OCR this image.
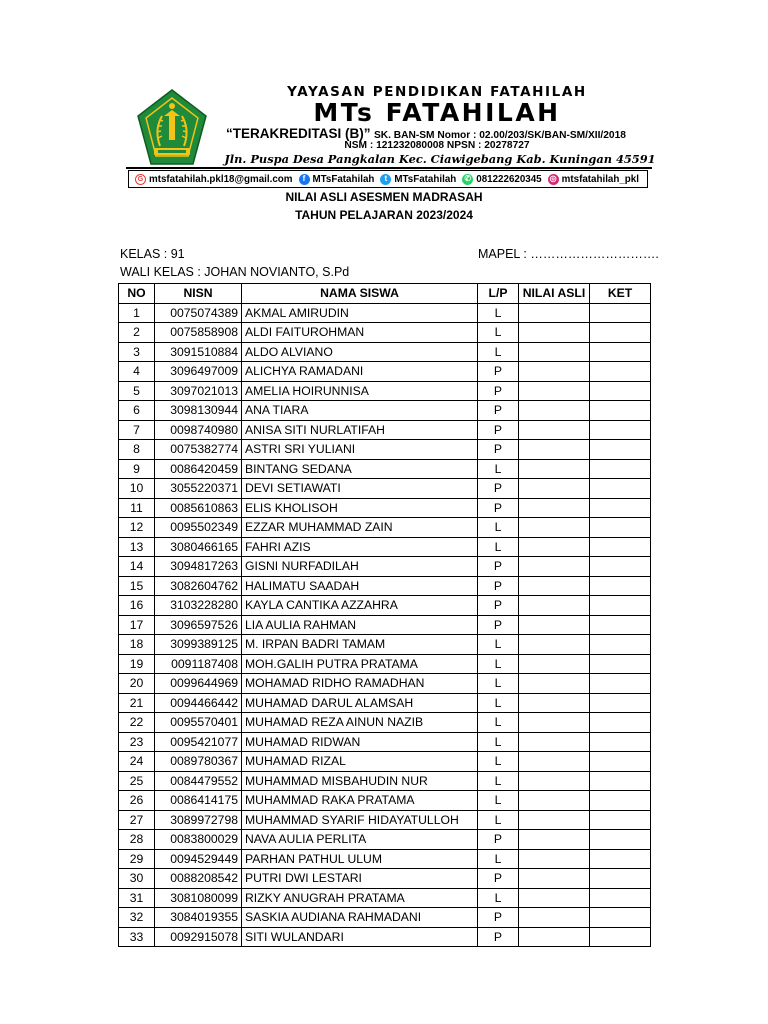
YAYASAN PENDIDIKAN FATAHILAH
MTs FATAHILAH
“TERAKREDITASI (B)” SK. BAN-SM Nomor : 02.00/203/SK/BAN-SM/XII/2018
NSM : 121232080008 NPSN : 20278727
Jln. Puspa Desa Pangkalan Kec. Ciawigebang Kab. Kuningan 45591
G mtsfatahilah.pkl18@gmail.com	f MTsFatahilah	t MTsFatahilah ✆ 081222620345 ◎ mtsfatahilah_pkl
NILAI ASLI ASESMEN MADRASAH
TAHUN PELAJARAN 2023/2024
KELAS : 91	MAPEL : ………………………….
WALI KELAS : JOHAN NOVIANTO, S.Pd
NO	NISN	NAMA SISWA	L/P	NILAI ASLI	KET
1	0075074389	AKMAL AMIRUDIN	L		
2	0075858908	ALDI FAITUROHMAN	L		
3	3091510884	ALDO ALVIANO	L		
4	3096497009	ALICHYA RAMADANI	P		
5	3097021013	AMELIA HOIRUNNISA	P		
6	3098130944	ANA TIARA	P		
7	0098740980	ANISA SITI NURLATIFAH	P		
8	0075382774	ASTRI SRI YULIANI	P		
9	0086420459	BINTANG SEDANA	L		
10	3055220371	DEVI SETIAWATI	P		
11	0085610863	ELIS KHOLISOH	P		
12	0095502349	EZZAR MUHAMMAD ZAIN	L		
13	3080466165	FAHRI AZIS	L		
14	3094817263	GISNI NURFADILAH	P		
15	3082604762	HALIMATU SAADAH	P		
16	3103228280	KAYLA CANTIKA AZZAHRA	P		
17	3096597526	LIA AULIA RAHMAN	P		
18	3099389125	M. IRPAN BADRI TAMAM	L		
19	0091187408	MOH.GALIH PUTRA PRATAMA	L		
20	0099644969	MOHAMAD RIDHO RAMADHAN	L		
21	0094466442	MUHAMAD DARUL ALAMSAH	L		
22	0095570401	MUHAMAD REZA AINUN NAZIB	L		
23	0095421077	MUHAMAD RIDWAN	L		
24	0089780367	MUHAMAD RIZAL	L		
25	0084479552	MUHAMMAD MISBAHUDIN NUR	L		
26	0086414175	MUHAMMAD RAKA PRATAMA	L		
27	3089972798	MUHAMMAD SYARIF HIDAYATULLOH	L		
28	0083800029	NAVA AULIA PERLITA	P		
29	0094529449	PARHAN PATHUL ULUM	L		
30	0088208542	PUTRI DWI LESTARI	P		
31	3081080099	RIZKY ANUGRAH PRATAMA	L		
32	3084019355	SASKIA AUDIANA RAHMADANI	P		
33	0092915078	SITI WULANDARI	P		
